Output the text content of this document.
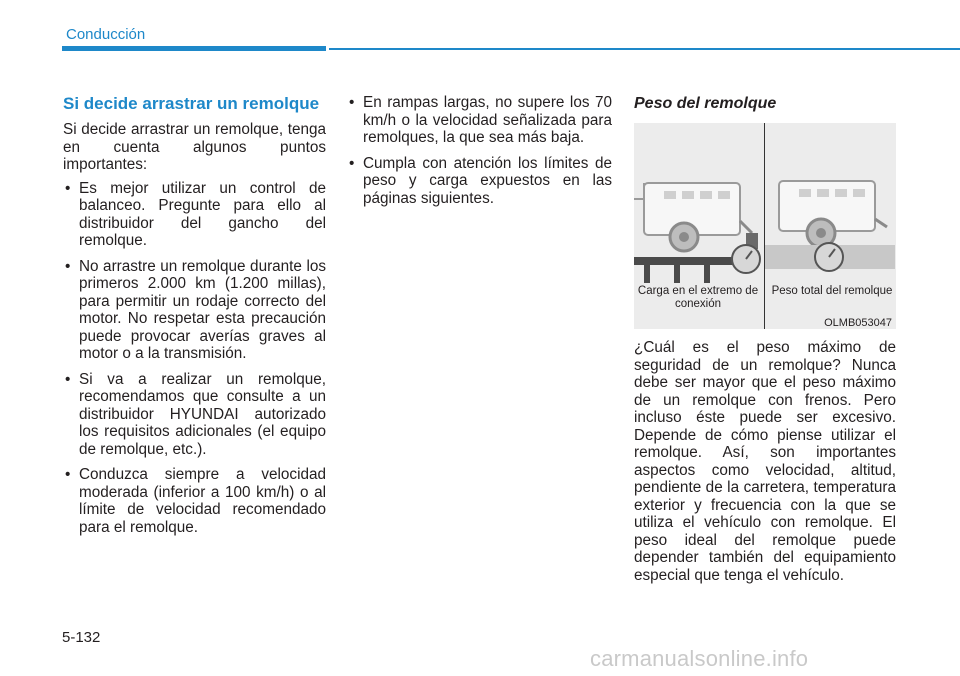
Conducción
Si decide arrastrar un remolque

Si decide arrastrar un remolque, tenga en cuenta algunos puntos importantes:

• Es mejor utilizar un control de balanceo. Pregunte para ello al distribuidor del gancho del remolque.
• No arrastre un remolque durante los primeros 2.000 km (1.200 millas), para permitir un rodaje correcto del motor. No respetar esta precaución puede provocar averías graves al motor o a la transmisión.
• Si va a realizar un remolque, recomendamos que consulte a un distribuidor HYUNDAI autorizado los requisitos adicionales (el equipo de remolque, etc.).
• Conduzca siempre a velocidad moderada (inferior a 100 km/h) o al límite de velocidad recomendado para el remolque.
• En rampas largas, no supere los 70 km/h o la velocidad señalizada para remolques, la que sea más baja.
• Cumpla con atención los límites de peso y carga expuestos en las páginas siguientes.
Peso del remolque
Carga en el extremo de conexión
Peso total del remolque
OLMB053047

¿Cuál es el peso máximo de seguridad de un remolque? Nunca debe ser mayor que el peso máximo de un remolque con frenos. Pero incluso éste puede ser excesivo. Depende de cómo piense utilizar el remolque. Así, son importantes aspectos como velocidad, altitud, pendiente de la carretera, temperatura exterior y frecuencia con la que se utiliza el vehículo con remolque. El peso ideal del remolque puede depender también del equipamiento especial que tenga el vehículo.

5-132

carmanualsonline.info
